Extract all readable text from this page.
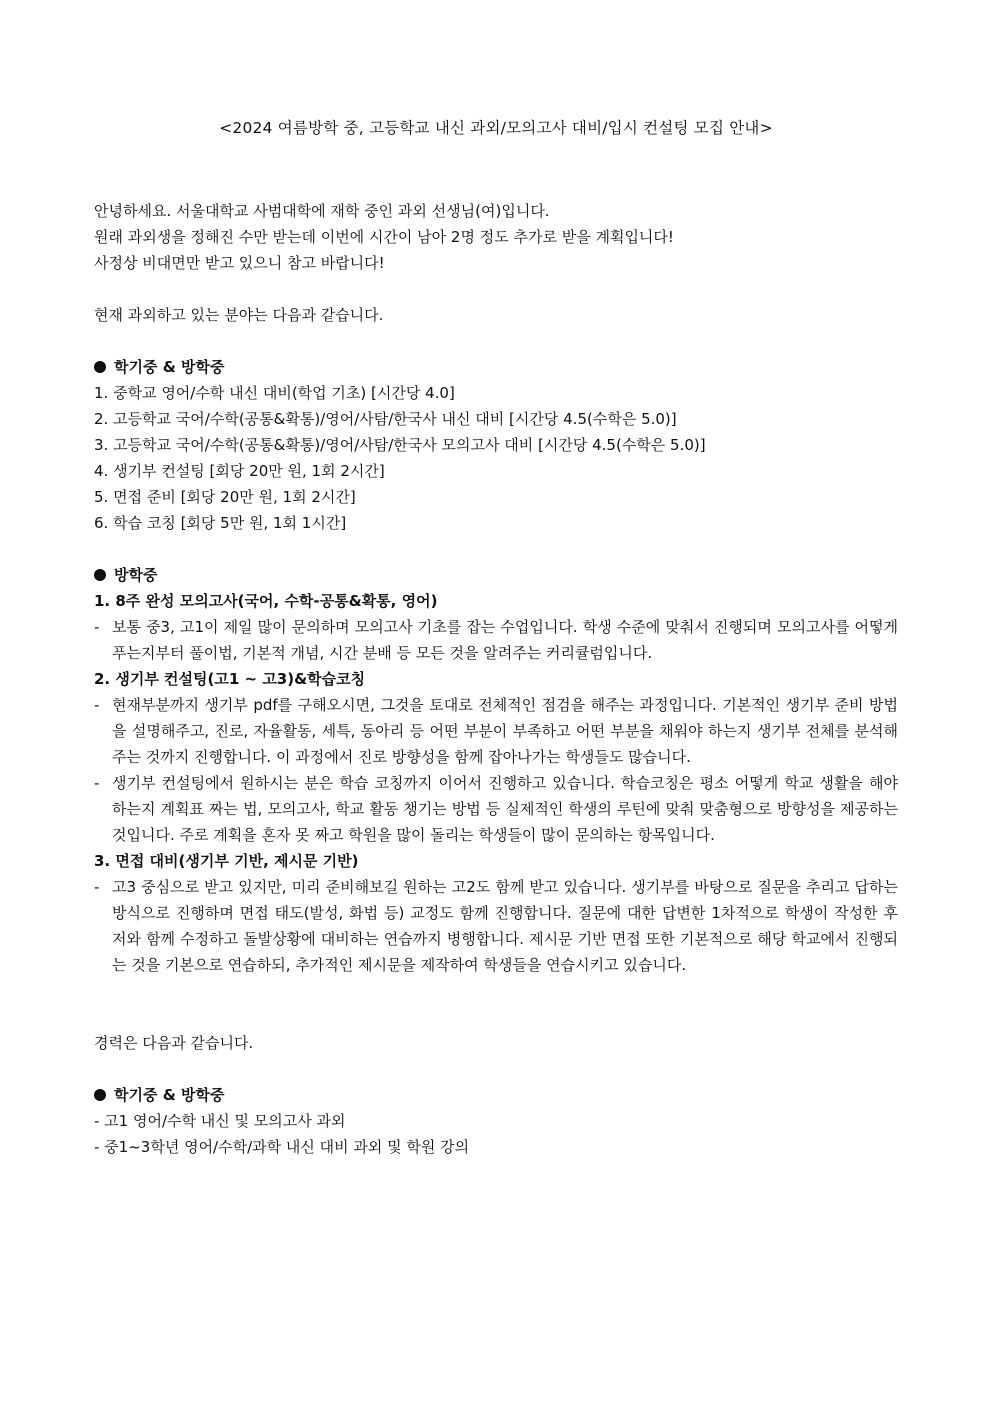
<2024 여름방학 중, 고등학교 내신 과외/모의고사 대비/입시 컨설팅 모집 안내>
안녕하세요. 서울대학교 사범대학에 재학 중인 과외 선생님(여)입니다.
원래 과외생을 정해진 수만 받는데 이번에 시간이 남아 2명 정도 추가로 받을 계획입니다!
사정상 비대면만 받고 있으니 참고 바랍니다!
현재 과외하고 있는 분야는 다음과 같습니다.
학기중 & 방학중
1. 중학교 영어/수학 내신 대비(학업 기초) [시간당 4.0]
2. 고등학교 국어/수학(공통&확통)/영어/사탐/한국사 내신 대비 [시간당 4.5(수학은 5.0)]
3. 고등학교 국어/수학(공통&확통)/영어/사탐/한국사 모의고사 대비 [시간당 4.5(수학은 5.0)]
4. 생기부 컨설팅 [회당 20만 원, 1회 2시간]
5. 면접 준비 [회당 20만 원, 1회 2시간]
6. 학습 코칭 [회당 5만 원, 1회 1시간]
방학중
1. 8주 완성 모의고사(국어, 수학-공통&확통, 영어)
- 보통 중3, 고1이 제일 많이 문의하며 모의고사 기초를 잡는 수업입니다. 학생 수준에 맞춰서 진행되며 모의고사를 어떻게 푸는지부터 풀이법, 기본적 개념, 시간 분배 등 모든 것을 알려주는 커리큘럼입니다.
2. 생기부 컨설팅(고1 ~ 고3)&학습코칭
- 현재부분까지 생기부 pdf를 구해오시면, 그것을 토대로 전체적인 점검을 해주는 과정입니다. 기본적인 생기부 준비 방법을 설명해주고, 진로, 자율활동, 세특, 동아리 등 어떤 부분이 부족하고 어떤 부분을 채워야 하는지 생기부 전체를 분석해주는 것까지 진행합니다. 이 과정에서 진로 방향성을 함께 잡아나가는 학생들도 많습니다.
- 생기부 컨설팅에서 원하시는 분은 학습 코칭까지 이어서 진행하고 있습니다. 학습코칭은 평소 어떻게 학교 생활을 해야 하는지 계획표 짜는 법, 모의고사, 학교 활동 챙기는 방법 등 실제적인 학생의 루틴에 맞춰 맞춤형으로 방향성을 제공하는 것입니다. 주로 계획을 혼자 못 짜고 학원을 많이 돌리는 학생들이 많이 문의하는 항목입니다.
3. 면접 대비(생기부 기반, 제시문 기반)
- 고3 중심으로 받고 있지만, 미리 준비해보길 원하는 고2도 함께 받고 있습니다. 생기부를 바탕으로 질문을 추리고 답하는 방식으로 진행하며 면접 태도(발성, 화법 등) 교정도 함께 진행합니다. 질문에 대한 답변한 1차적으로 학생이 작성한 후 저와 함께 수정하고 돌발상황에 대비하는 연습까지 병행합니다. 제시문 기반 면접 또한 기본적으로 해당 학교에서 진행되는 것을 기본으로 연습하되, 추가적인 제시문을 제작하여 학생들을 연습시키고 있습니다.
경력은 다음과 같습니다.
학기중 & 방학중
- 고1 영어/수학 내신 및 모의고사 과외
- 중1~3학년 영어/수학/과학 내신 대비 과외 및 학원 강의
